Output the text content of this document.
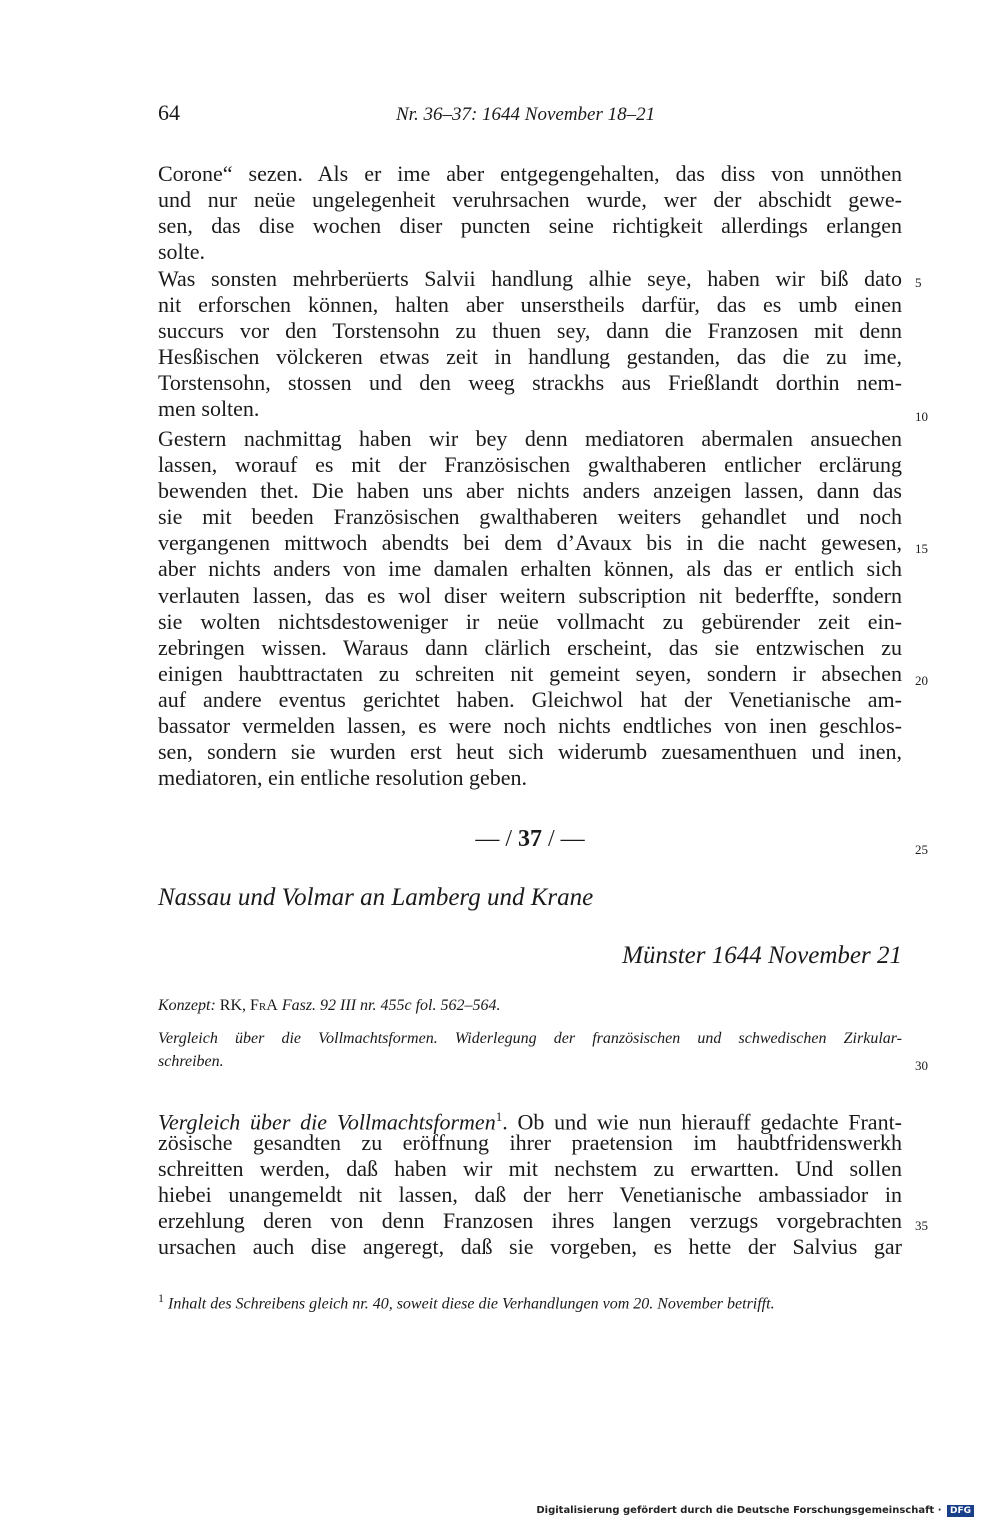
64	Nr. 36–37: 1644 November 18–21
Corone“ sezen. Als er ime aber entgegengehalten, das diss von unnöthen
und nur neüe ungelegenheit veruhrsachen wurde, wer der abschidt gewe-
sen, das dise wochen diser puncten seine richtigkeit allerdings erlangen
solte.
Was sonsten mehrberüerts Salvii handlung alhie seye, haben wir biß dato
nit erforschen können, halten aber unserstheils darfür, das es umb einen
succurs vor den Torstensohn zu thuen sey, dann die Franzosen mit denn
Hesßischen völckeren etwas zeit in handlung gestanden, das die zu ime,
Torstensohn, stossen und den weeg strackhs aus Frießlandt dorthin nem-
men solten.
Gestern nachmittag haben wir bey denn mediatoren abermalen ansuechen
lassen, worauf es mit der Französischen gwalthaberen entlicher erclärung
bewenden thet. Die haben uns aber nichts anders anzeigen lassen, dann das
sie mit beeden Französischen gwalthaberen weiters gehandlet und noch
vergangenen mittwoch abendts bei dem d’Avaux bis in die nacht gewesen,
aber nichts anders von ime damalen erhalten können, als das er entlich sich
verlauten lassen, das es wol diser weitern subscription nit bederffte, sondern
sie wolten nichtsdestoweniger ir neüe vollmacht zu gebürender zeit ein-
zebringen wissen. Waraus dann clärlich erscheint, das sie entzwischen zu
einigen haubttractaten zu schreiten nit gemeint seyen, sondern ir absechen
auf andere eventus gerichtet haben. Gleichwol hat der Venetianische am-
bassator vermelden lassen, es were noch nichts endtliches von inen geschlos-
sen, sondern sie wurden erst heut sich widerumb zuesamenthuen und inen,
mediatoren, ein entliche resolution geben.
5
10
15
20
25
30
35
— / 37 / —
Nassau und Volmar an Lamberg und Krane
Münster 1644 November 21
Konzept: RK, FrA Fasz. 92 III nr. 455c fol. 562–564.
Vergleich über die Vollmachtsformen. Widerlegung der französischen und schwedischen Zirkular-
schreiben.
Vergleich über die Vollmachtsformen$^1$. Ob und wie nun hierauff gedachte Frant-
zösische gesandten zu eröffnung ihrer praetension im haubtfridenswerkh
schreitten werden, daß haben wir mit nechstem zu erwartten. Und sollen
hiebei unangemeldt nit lassen, daß der herr Venetianische ambassiador in
erzehlung deren von denn Franzosen ihres langen verzugs vorgebrachten
ursachen auch dise angeregt, daß sie vorgeben, es hette der Salvius gar
$^1$ Inhalt des Schreibens gleich nr. 40, soweit diese die Verhandlungen vom 20. November betrifft.
Digitalisierung gefördert durch die Deutsche Forschungsgemeinschaft · DFG
